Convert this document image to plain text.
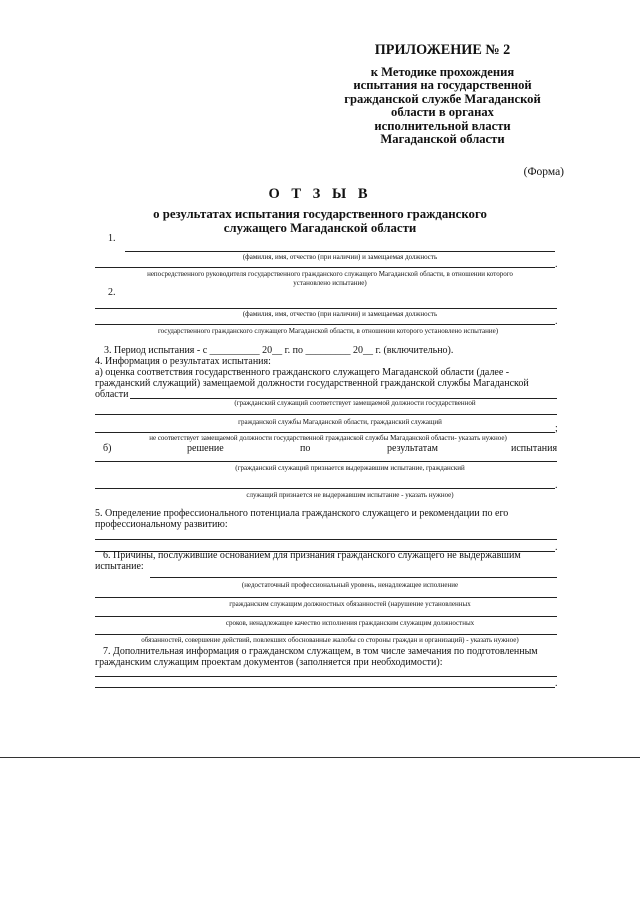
ПРИЛОЖЕНИЕ № 2
к Методике прохождения
испытания на государственной
гражданской службе Магаданской
области в органах
исполнительной власти
Магаданской области
(Форма)
О Т З Ы В
о результатах испытания государственного гражданского
служащего Магаданской области
1.
(фамилия, имя, отчество (при наличии) и замещаемая должность
.
непосредственного руководителя государственного гражданского служащего Магаданской области, в отношении которого
установлено испытание)
2.
(фамилия, имя, отчество (при наличии) и замещаемая должность
.
государственного гражданского служащего Магаданской области, в отношении которого установлено испытание)
3. Период испытания - с __________ 20__ г. по _________ 20__ г. (включительно).
4. Информация о результатах испытания:
а) оценка соответствия государственного гражданского служащего Магаданской области (далее -
гражданский служащий) замещаемой должности государственной гражданской службы Магаданской
области
(гражданский служащий соответствует замещаемой должности государственной
гражданской службы Магаданской области, гражданский служащий
;
не соответствует замещаемой должности государственной гражданской службы Магаданской области- указать нужное)
б)	решение	по	результатам	испытания
(гражданский служащий признается выдержавшим испытание, гражданский
.
служащий признается не выдержавшим испытание - указать нужное)
5. Определение профессионального потенциала гражданского служащего и рекомендации по его
профессиональному развитию:
.
6. Причины, послужившие основанием для признания гражданского служащего не выдержавшим
испытание:
(недостаточный профессиональный уровень, ненадлежащее исполнение
гражданским служащим должностных обязанностей (нарушение установленных
сроков, ненадлежащее качество исполнения гражданским служащим должностных
обязанностей, совершение действий, повлекших обоснованные жалобы со стороны граждан и организаций) - указать нужное)
7. Дополнительная информация о гражданском служащем, в том числе замечания по подготовленным
гражданским служащим проектам документов (заполняется при необходимости):
.
